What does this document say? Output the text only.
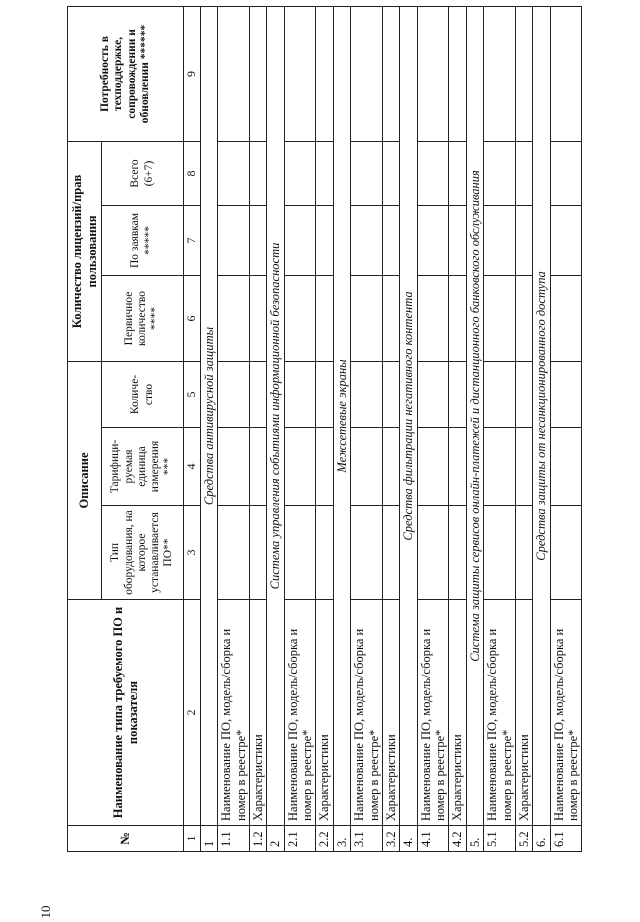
10
№	Наименование типа требуемого ПО и показателя	Описание			Количество лицензий/прав пользования			Потребность в техподдержке, сопровождении и обновлении ******
		Тип оборудования, на которое устанавливается ПО**	Тарифици-руемая единица измерения ***	Количе-ство	Первичное количество ****	По заявкам *****	Всего (6+7)	
1	2	3	4	5	6	7	8	9
1	Средства антивирусной защиты							
1.1	Наименование ПО, модель/сборка и номер в реестре*							
1.2	Характеристики							
2	Система управления событиями информационной безопасности							
2.1	Наименование ПО, модель/сборка и номер в реестре*							
2.2	Характеристики							
3.	Межсетевые экраны							
3.1	Наименование ПО, модель/сборка и номер в реестре*							
3.2	Характеристики							
4.	Средства фильтрации негативного контента							
4.1	Наименование ПО, модель/сборка и номер в реестре*							
4.2	Характеристики							
5.	Система защиты сервисов онлайн-платежей и дистанционного банковского обслуживания							
5.1	Наименование ПО, модель/сборка и номер в реестре*							
5.2	Характеристики							
6.	Средства защиты от несанкционированного доступа							
6.1	Наименование ПО, модель/сборка и номер в реестре*							
